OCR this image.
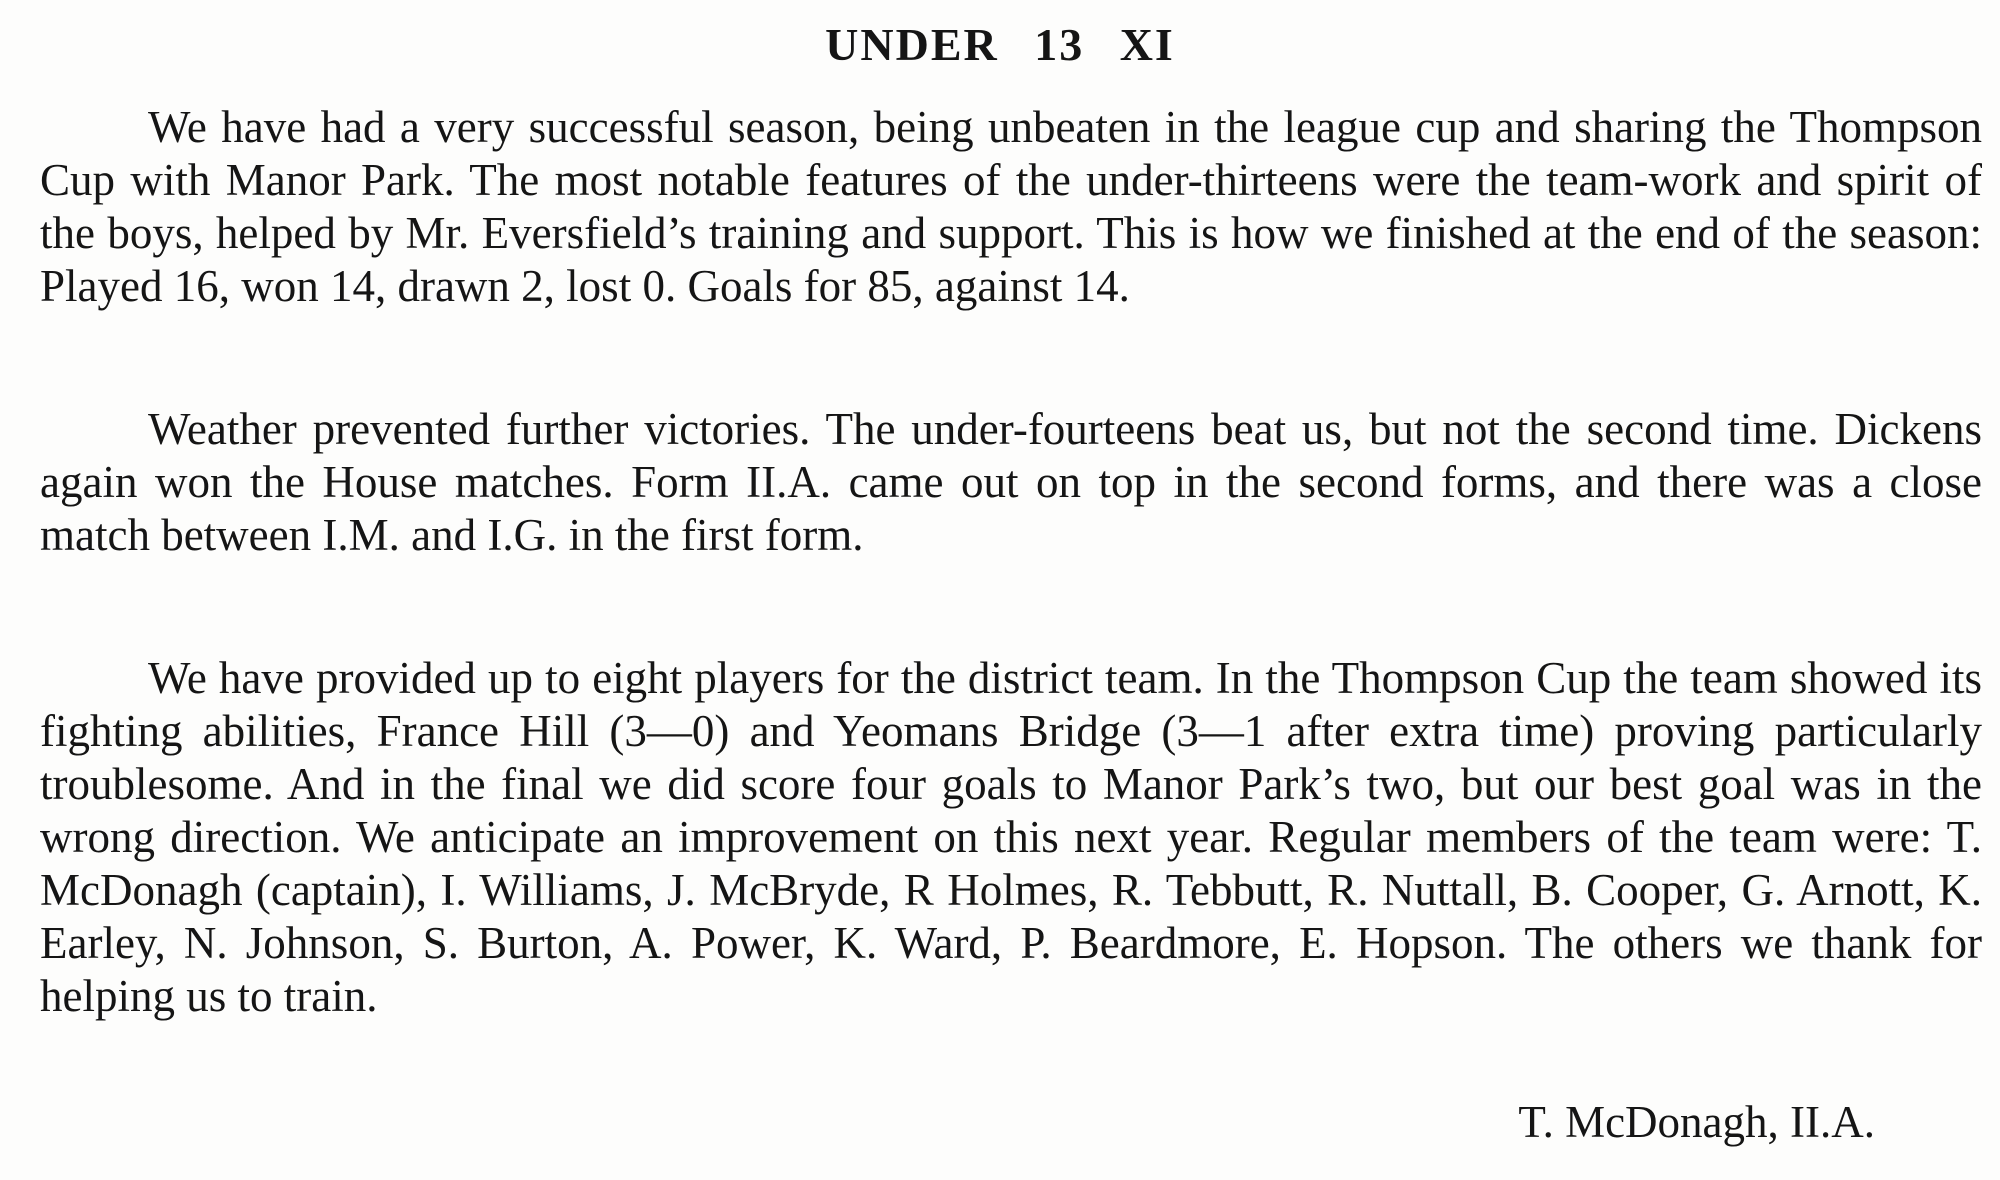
UNDER 13 XI

We have had a very successful season, being unbeaten in the league cup and sharing the Thompson Cup with Manor Park. The most notable features of the under-thirteens were the team-work and spirit of the boys, helped by Mr. Eversfield’s training and support. This is how we finished at the end of the season: Played 16, won 14, drawn 2, lost 0. Goals for 85, against 14.

Weather prevented further victories. The under-fourteens beat us, but not the second time. Dickens again won the House matches. Form II.A. came out on top in the second forms, and there was a close match between I.M. and I.G. in the first form.

We have provided up to eight players for the district team. In the Thompson Cup the team showed its fighting abilities, France Hill (3—0) and Yeomans Bridge (3—1 after extra time) proving particularly troublesome. And in the final we did score four goals to Manor Park’s two, but our best goal was in the wrong direction. We anticipate an improvement on this next year. Regular members of the team were: T. McDonagh (captain), I. Williams, J. McBryde, R Holmes, R. Tebbutt, R. Nuttall, B. Cooper, G. Arnott, K. Earley, N. Johnson, S. Burton, A. Power, K. Ward, P. Beardmore, E. Hopson. The others we thank for helping us to train.

T. McDonagh, II.A.
